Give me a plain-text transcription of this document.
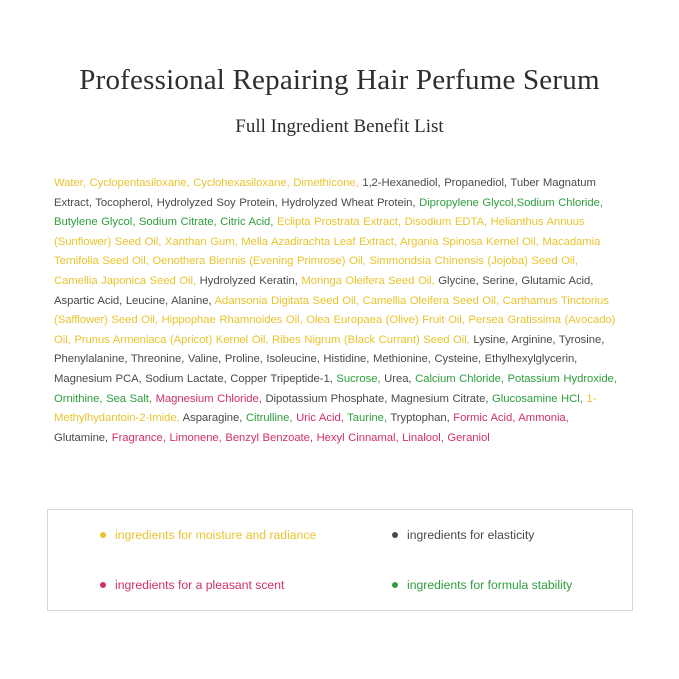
Professional Repairing Hair Perfume Serum
Full Ingredient Benefit List
Water, Cyclopentasiloxane, Cyclohexasiloxane, Dimethicone, 1,2-Hexanediol, Propanediol, Tuber Magnatum Extract, Tocopherol, Hydrolyzed Soy Protein, Hydrolyzed Wheat Protein, Dipropylene Glycol,Sodium Chloride, Butylene Glycol, Sodium Citrate, Citric Acid, Eclipta Prostrata Extract, Disodium EDTA, Helianthus Annuus (Sunflower) Seed Oil, Xanthan Gum, Melia Azadirachta Leaf Extract, Argania Spinosa Kernel Oil, Macadamia Ternifolia Seed Oil, Oenothera Biennis (Evening Primrose) Oil, Simmondsia Chinensis (Jojoba) Seed Oil, Camellia Japonica Seed Oil, Hydrolyzed Keratin, Moringa Oleifera Seed Oil, Glycine, Serine, Glutamic Acid, Aspartic Acid, Leucine, Alanine, Adansonia Digitata Seed Oil, Camellia Oleifera Seed Oil, Carthamus Tinctorius (Safflower) Seed Oil, Hippophae Rhamnoides Oil, Olea Europaea (Olive) Fruit Oil, Persea Gratissima (Avocado) Oil, Prunus Armeniaca (Apricot) Kernel Oil, Ribes Nigrum (Black Currant) Seed Oil, Lysine, Arginine, Tyrosine, Phenylalanine, Threonine, Valine, Proline, Isoleucine, Histidine, Methionine, Cysteine, Ethylhexylglycerin, Magnesium PCA, Sodium Lactate, Copper Tripeptide-1, Sucrose, Urea, Calcium Chloride, Potassium Hydroxide, Ornithine, Sea Salt, Magnesium Chloride, Dipotassium Phosphate, Magnesium Citrate, Glucosamine HCl, 1-Methylhydantoin-2-Imide, Asparagine, Citrulline, Uric Acid, Taurine, Tryptophan, Formic Acid, Ammonia, Glutamine, Fragrance, Limonene, Benzyl Benzoate, Hexyl Cinnamal, Linalool, Geraniol
ingredients for moisture and radiance	ingredients for elasticity
ingredients for a pleasant scent	ingredients for formula stability
